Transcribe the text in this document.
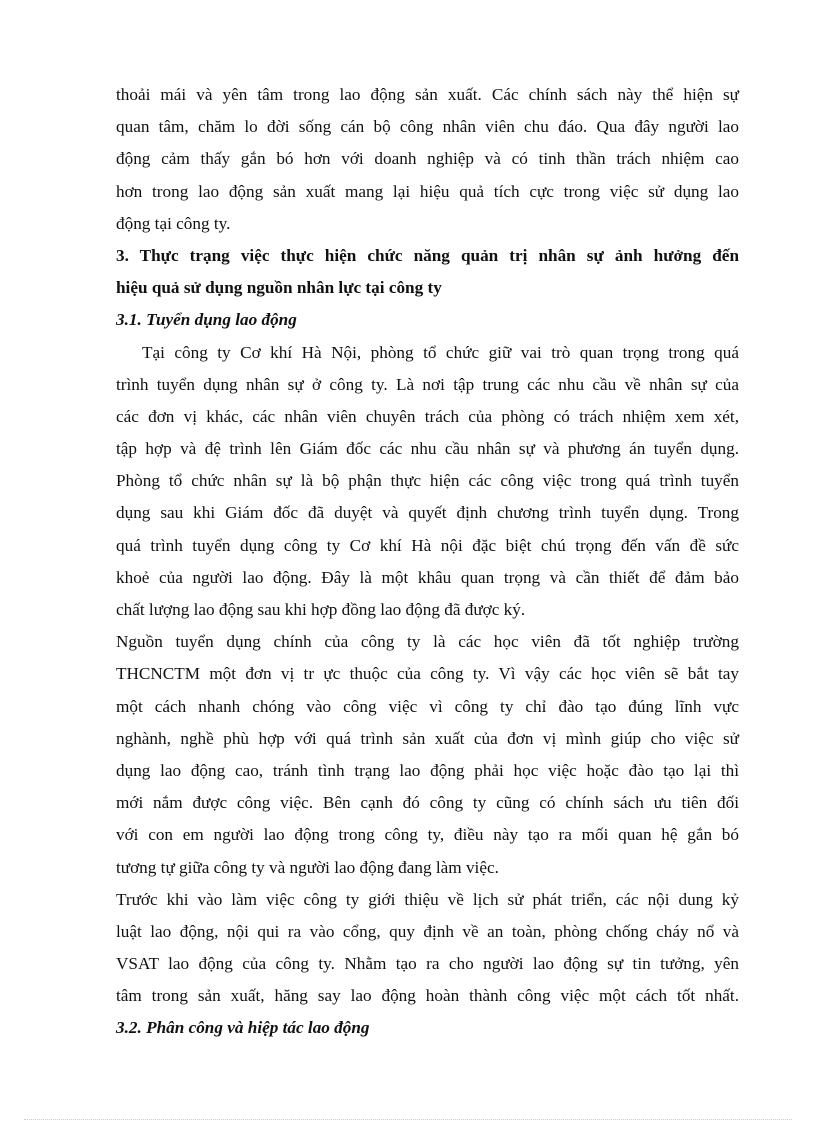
thoải mái và yên tâm trong lao động sản xuất. Các chính sách này thể hiện sự
quan tâm, chăm lo đời sống cán bộ công nhân viên chu đáo. Qua đây người lao
động cảm thấy gắn bó hơn với doanh nghiệp và có tinh thần trách nhiệm cao
hơn trong lao động sản xuất mang lại hiệu quả tích cực trong việc sử dụng lao
động tại công ty.
3. Thực trạng việc thực hiện chức năng quản trị nhân sự ảnh hưởng đến
hiệu quả sử dụng nguồn nhân lực tại công ty
3.1. Tuyển dụng lao động
Tại công ty Cơ khí Hà Nội, phòng tổ chức giữ vai trò quan trọng trong quá
trình tuyển dụng nhân sự ở công ty. Là nơi tập trung các nhu cầu về nhân sự của
các đơn vị khác, các nhân viên chuyên trách của phòng có trách nhiệm xem xét,
tập hợp và đệ trình lên Giám đốc các nhu cầu nhân sự và phương án tuyển dụng.
Phòng tổ chức nhân sự là bộ phận thực hiện các công việc trong quá trình tuyển
dụng sau khi Giám đốc đã duyệt và quyết định chương trình tuyển dụng. Trong
quá trình tuyển dụng công ty Cơ khí Hà nội đặc biệt chú trọng đến vấn đề sức
khoẻ của người lao động. Đây là một khâu quan trọng và cần thiết để đảm bảo
chất lượng lao động sau khi hợp đồng lao động đã được ký.
Nguồn tuyển dụng chính của công ty là các học viên đã tốt nghiệp trường
THCNCTM một đơn vị tr ực thuộc của công ty. Vì vậy các học viên sẽ bắt tay
một cách nhanh chóng vào công việc vì công ty chỉ đào tạo đúng lĩnh vực
nghành, nghề phù hợp với quá trình sản xuất của đơn vị mình giúp cho việc sử
dụng lao động cao, tránh tình trạng lao động phải học việc hoặc đào tạo lại thì
mới nắm được công việc. Bên cạnh đó công ty cũng có chính sách ưu tiên đối
với con em người lao động trong công ty, điều này tạo ra mối quan hệ gắn bó
tương tự giữa công ty và người lao động đang làm việc.
Trước khi vào làm việc công ty giới thiệu về lịch sử phát triển, các nội dung kỷ
luật lao động, nội qui ra vào cổng, quy định về an toàn, phòng chống cháy nổ và
VSAT lao động của công ty. Nhằm tạo ra cho người lao động sự tin tưởng, yên
tâm trong sản xuất, hăng say lao động hoàn thành công việc một cách tốt nhất.
3.2. Phân công và hiệp tác lao động
